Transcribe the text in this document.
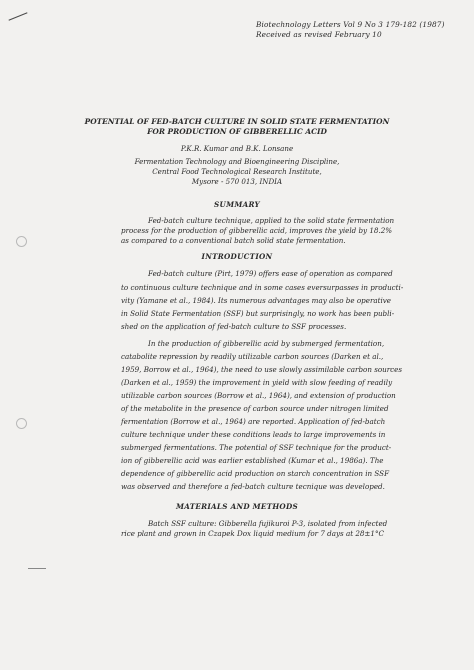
Biotechnology Letters Vol 9 No 3 179-182 (1987)
Received as revised February 10
POTENTIAL OF FED-BATCH CULTURE IN SOLID STATE FERMENTATION
FOR PRODUCTION OF GIBBERELLIC ACID
P.K.R. Kumar and B.K. Lonsane
Fermentation Technology and Bioengineering Discipline,
Central Food Technological Research Institute,
Mysore - 570 013, INDIA
SUMMARY
Fed-batch culture technique, applied to the solid state fermentation
process for the production of gibberellic acid, improves the yield by 18.2%
as compared to a conventional batch solid state fermentation.
INTRODUCTION
Fed-batch culture (Pirt, 1979) offers ease of operation as compared
to continuous culture technique and in some cases eversurpasses in producti-
vity (Yamane et al., 1984). Its numerous advantages may also be operative
in Solid State Fermentation (SSF) but surprisingly, no work has been publi-
shed on the application of fed-batch culture to SSF processes.
In the production of gibberellic acid by submerged fermentation,
catabolite repression by readily utilizable carbon sources (Darken et al.,
1959, Borrow et al., 1964), the need to use slowly assimilable carbon sources
(Darken et al., 1959) the improvement in yield with slow feeding of readily
utilizable carbon sources (Borrow et al., 1964), and extension of production
of the metabolite in the presence of carbon source under nitrogen limited
fermentation (Borrow et al., 1964) are reported. Application of fed-batch
culture technique under these conditions leads to large improvements in
submerged fermentations. The potential of SSF technique for the product-
ion of gibberellic acid was earlier established (Kumar et al., 1986a). The
dependence of gibberellic acid production on starch concentration in SSF
was observed and therefore a fed-batch culture tecnique was developed.
MATERIALS AND METHODS
Batch SSF culture: Gibberella fujikuroi P-3, isolated from infected
rice plant and grown in Czapek Dox liquid medium for 7 days at 28±1°C
